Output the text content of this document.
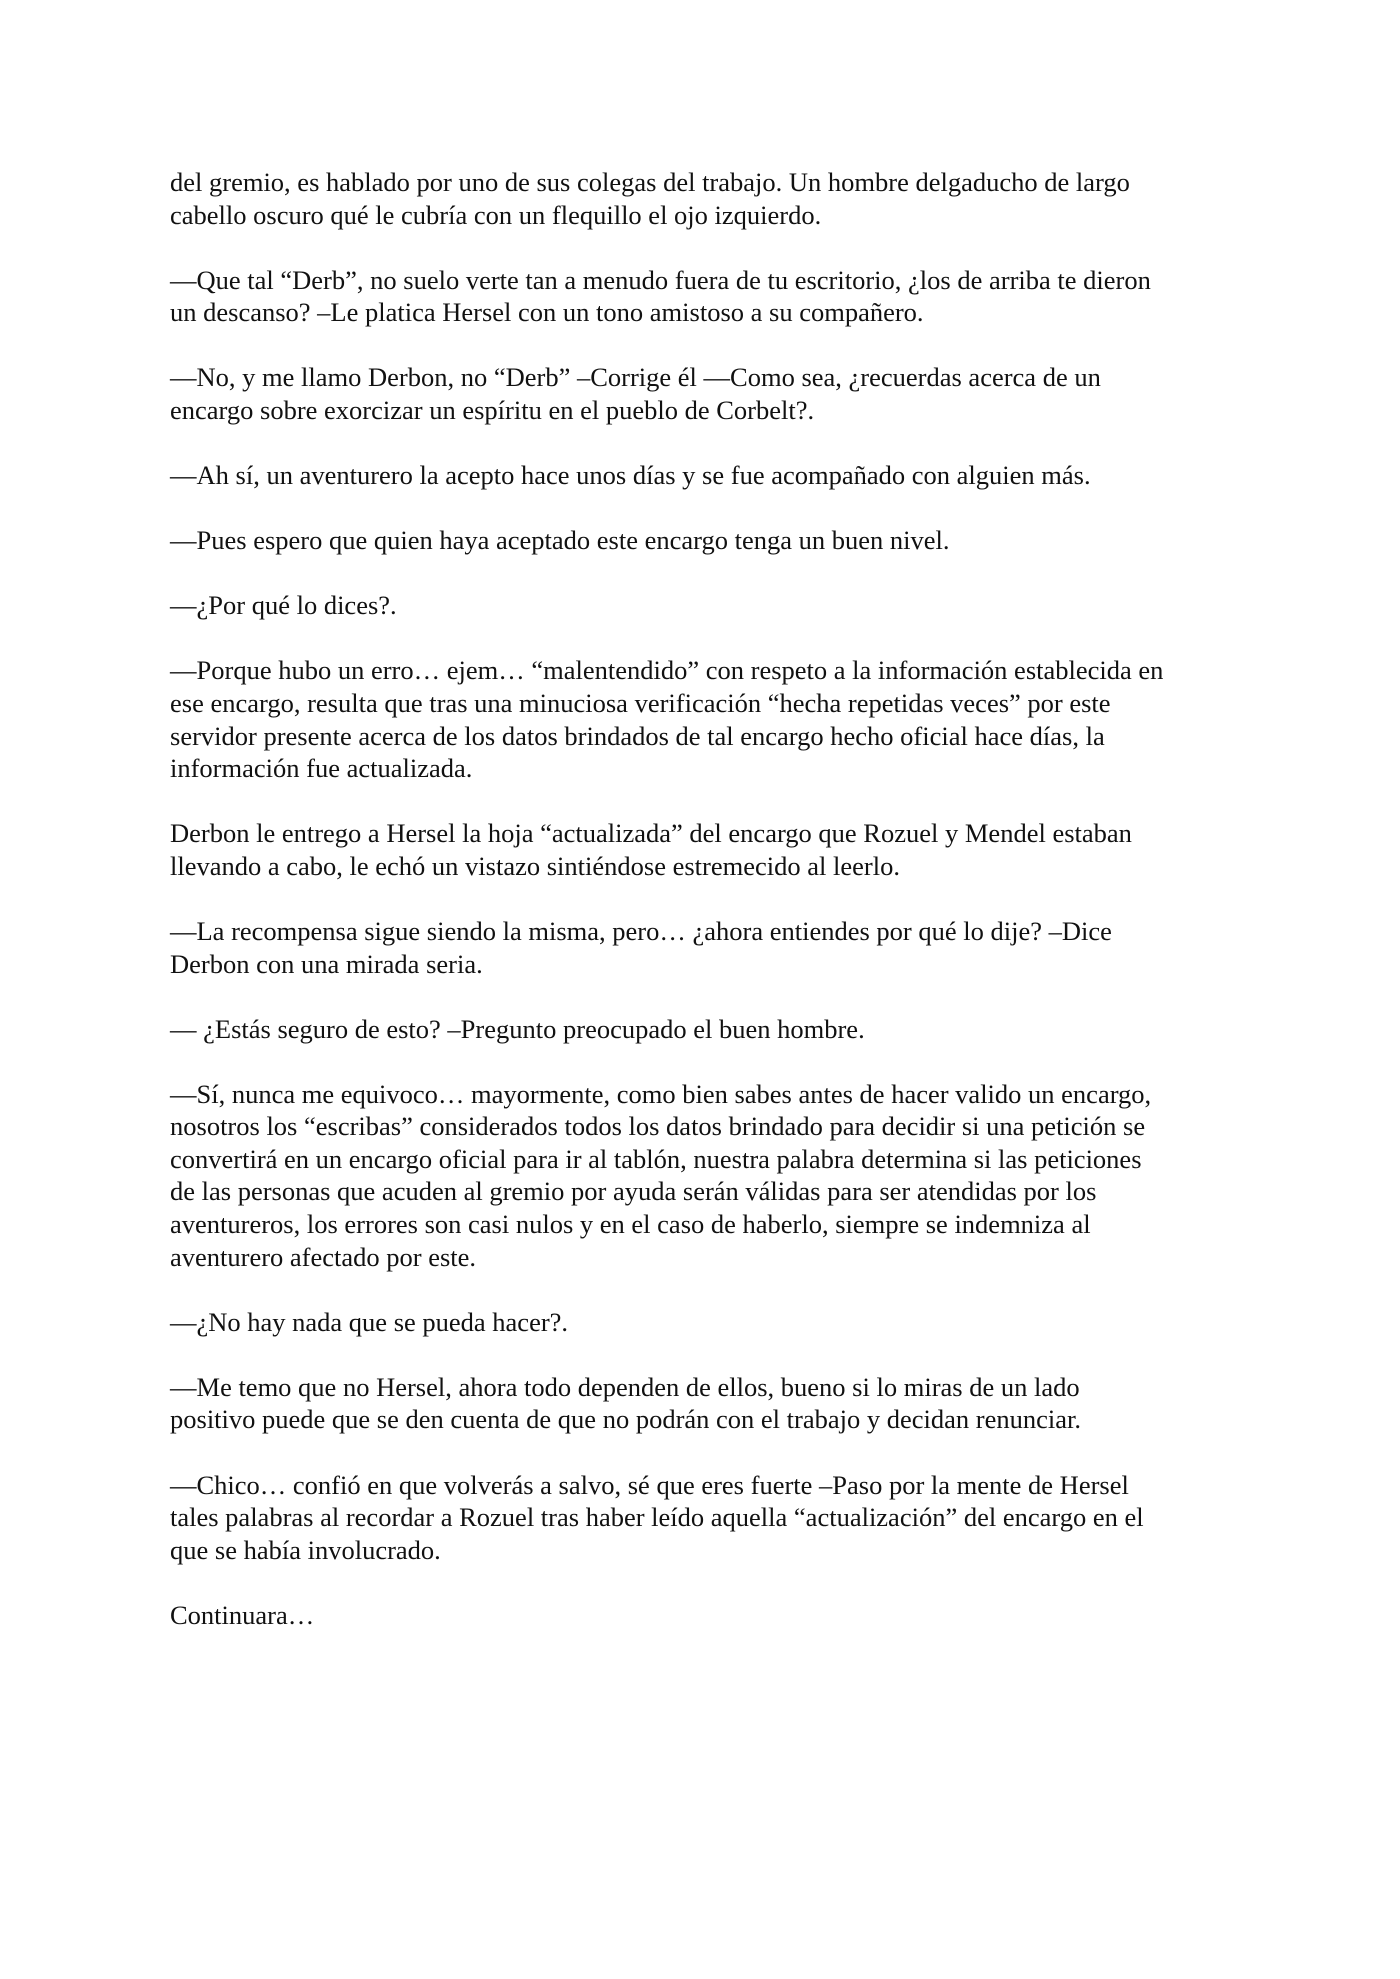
del gremio, es hablado por uno de sus colegas del trabajo. Un hombre delgaducho de largo
cabello oscuro qué le cubría con un flequillo el ojo izquierdo.

—Que tal “Derb”, no suelo verte tan a menudo fuera de tu escritorio, ¿los de arriba te dieron
un descanso? –Le platica Hersel con un tono amistoso a su compañero.

—No, y me llamo Derbon, no “Derb” –Corrige él —Como sea, ¿recuerdas acerca de un
encargo sobre exorcizar un espíritu en el pueblo de Corbelt?.

—Ah sí, un aventurero la acepto hace unos días y se fue acompañado con alguien más.

—Pues espero que quien haya aceptado este encargo tenga un buen nivel.

—¿Por qué lo dices?.

—Porque hubo un erro… ejem… “malentendido” con respeto a la información establecida en
ese encargo, resulta que tras una minuciosa verificación “hecha repetidas veces” por este
servidor presente acerca de los datos brindados de tal encargo hecho oficial hace días, la
información fue actualizada.

Derbon le entrego a Hersel la hoja “actualizada” del encargo que Rozuel y Mendel estaban
llevando a cabo, le echó un vistazo sintiéndose estremecido al leerlo.

—La recompensa sigue siendo la misma, pero… ¿ahora entiendes por qué lo dije? –Dice
Derbon con una mirada seria.

— ¿Estás seguro de esto? –Pregunto preocupado el buen hombre.

—Sí, nunca me equivoco… mayormente, como bien sabes antes de hacer valido un encargo,
nosotros los “escribas” considerados todos los datos brindado para decidir si una petición se
convertirá en un encargo oficial para ir al tablón, nuestra palabra determina si las peticiones
de las personas que acuden al gremio por ayuda serán válidas para ser atendidas por los
aventureros, los errores son casi nulos y en el caso de haberlo, siempre se indemniza al
aventurero afectado por este.

—¿No hay nada que se pueda hacer?.

—Me temo que no Hersel, ahora todo dependen de ellos, bueno si lo miras de un lado
positivo puede que se den cuenta de que no podrán con el trabajo y decidan renunciar.

—Chico… confió en que volverás a salvo, sé que eres fuerte –Paso por la mente de Hersel
tales palabras al recordar a Rozuel tras haber leído aquella “actualización” del encargo en el
que se había involucrado.

Continuara…
